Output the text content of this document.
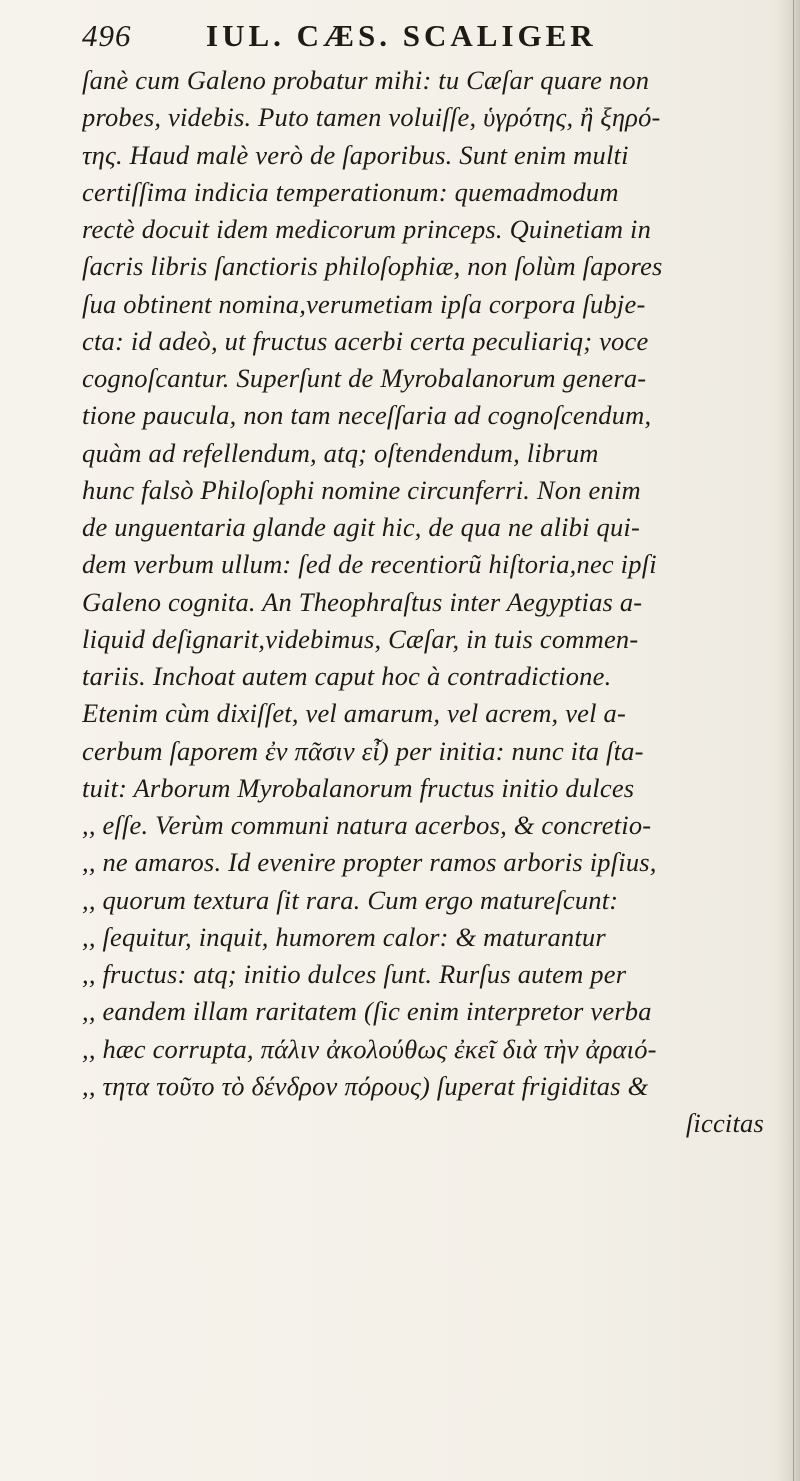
496 IUL. CÆS. SCALIGER
ſanè cum Galeno probatur mihi: tu Cæſar quare non
probes, videbis. Puto tamen voluiſſe, ὑγρότης, ἢ ξηρό-
της. Haud malè verò de ſaporibus. Sunt enim multi
certiſſima indicia temperationum: quemadmodum
rectè docuit idem medicorum princeps. Quinetiam in
ſacris libris ſanctioris philoſophiæ, non ſolùm ſapores
ſua obtinent nomina,verumetiam ipſa corpora ſubje-
cta: id adeò, ut fructus acerbi certa peculiariq; voce
cognoſcantur. Superſunt de Myrobalanorum genera-
tione paucula, non tam neceſſaria ad cognoſcendum,
quàm ad refellendum, atq; oſtendendum, librum
hunc falsò Philoſophi nomine circunferri. Non enim
de unguentaria glande agit hic, de qua ne alibi qui-
dem verbum ullum: ſed de recentiorũ hiſtoria,nec ipſi
Galeno cognita. An Theophraſtus inter Aegyptias a-
liquid deſignarit,videbimus, Cæſar, in tuis commen-
tariis. Inchoat autem caput hoc à contradictione.
Etenim cùm dixiſſet, vel amarum, vel acrem, vel a-
cerbum ſaporem ἐν πᾶσιν εἶ) per initia: nunc ita ſta-
tuit: Arborum Myrobalanorum fructus initio dulces
,, eſſe. Verùm communi natura acerbos, & concretio-
,, ne amaros. Id evenire propter ramos arboris ipſius,
,, quorum textura ſit rara. Cum ergo matureſcunt:
,, ſequitur, inquit, humorem calor: & maturantur
,, fructus: atq; initio dulces ſunt. Rurſus autem per
,, eandem illam raritatem (ſic enim interpretor verba
,, hæc corrupta, πάλιν ἀκολούθως ἐκεῖ διὰ τὴν ἀραιό-
,, τητα τοῦτο τὸ δένδρον πόρους) ſuperat frigiditas &
ſiccitas
